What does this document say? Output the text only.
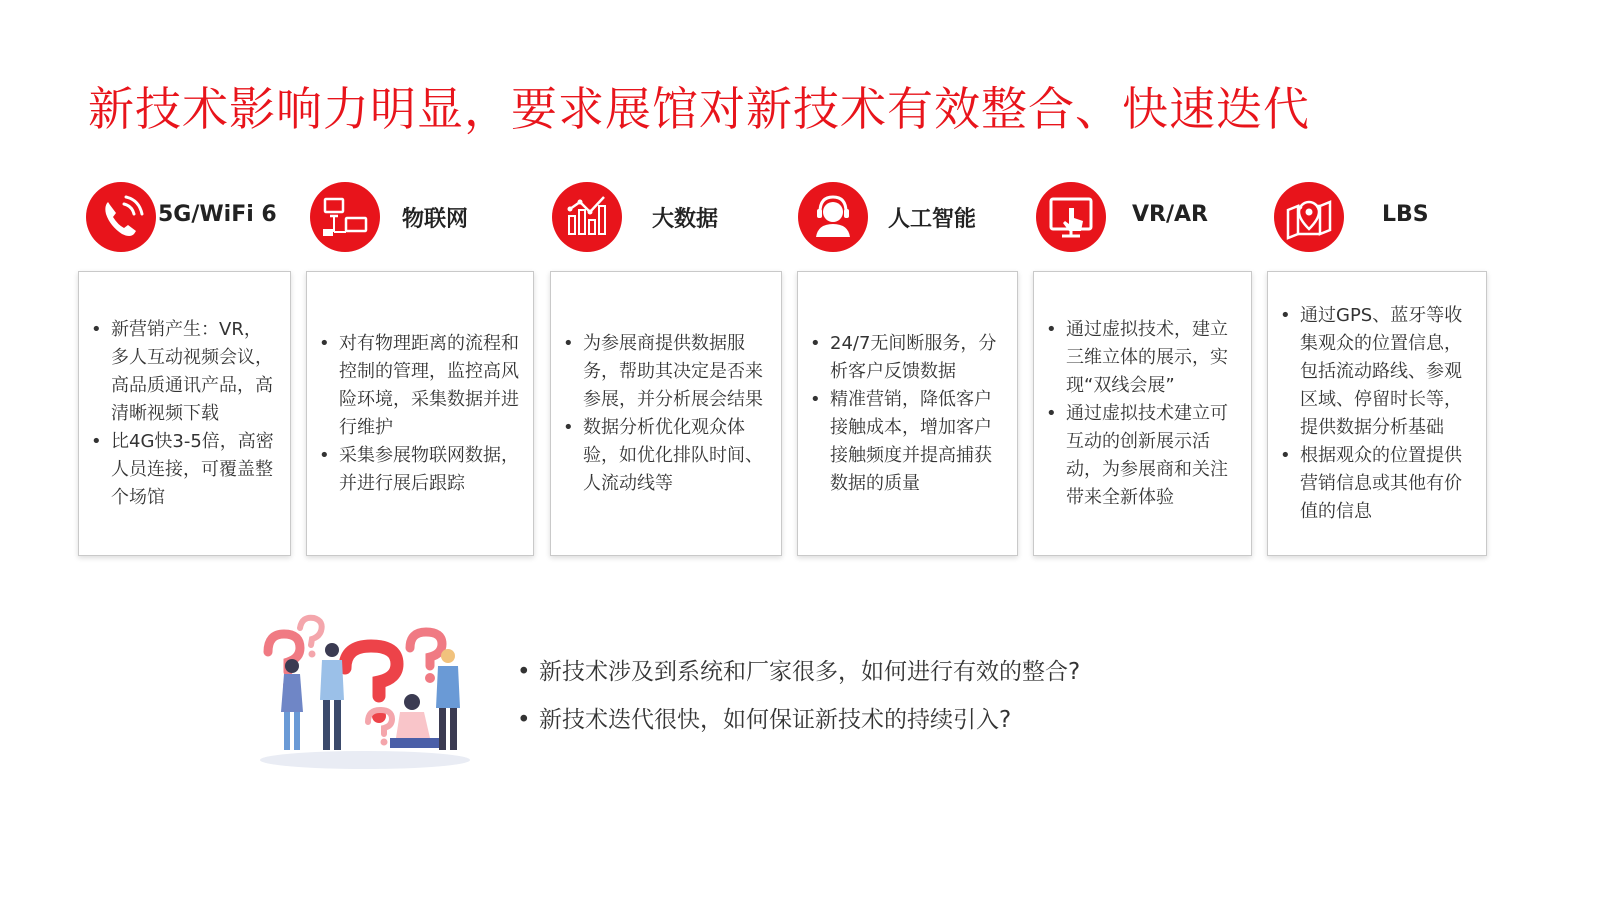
新技术影响力明显，要求展馆对新技术有效整合、快速迭代
5G/WiFi 6	物联网	大数据	人工智能	VR/AR	LBS
• 新营销产生：VR，多人互动视频会议，高品质通讯产品，高清晰视频下载
• 比4G快3-5倍，高密人员连接，可覆盖整个场馆
• 对有物理距离的流程和控制的管理，监控高风险环境，采集数据并进行维护
• 采集参展物联网数据，并进行展后跟踪
• 为参展商提供数据服务，帮助其决定是否来参展，并分析展会结果
• 数据分析优化观众体验，如优化排队时间、人流动线等
• 24/7无间断服务，分析客户反馈数据
• 精准营销，降低客户接触成本，增加客户接触频度并提高捕获数据的质量
• 通过虚拟技术，建立三维立体的展示，实现“双线会展”
• 通过虚拟技术建立可互动的创新展示活动，为参展商和关注带来全新体验
• 通过GPS、蓝牙等收集观众的位置信息，包括流动路线、参观区域、停留时长等，提供数据分析基础
• 根据观众的位置提供营销信息或其他有价值的信息
• 新技术涉及到系统和厂家很多，如何进行有效的整合?
• 新技术迭代很快，如何保证新技术的持续引入?
